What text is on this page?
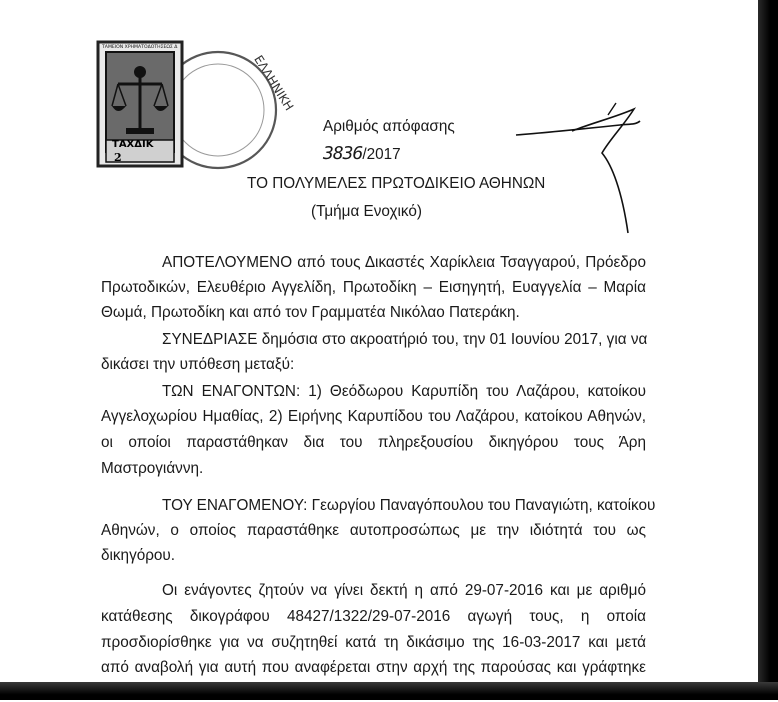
ΤΑΜΕΙΟΝ ΧΡΗΜΑΤΟΔΟΤΗΣΕΩΣ Δ
ΤΑΧΔΙΚ
2
ΕΛΛΗΝΙΚΗ
Αριθμός απόφασης
3836/2017
ΤΟ ΠΟΛΥΜΕΛΕΣ ΠΡΩΤΟΔΙΚΕΙΟ ΑΘΗΝΩΝ
(Τμήμα Ενοχικό)
ΑΠΟΤΕΛΟΥΜΕΝΟ από τους Δικαστές Χαρίκλεια Τσαγγαρού, Πρόεδρο
Πρωτοδικών, Ελευθέριο Αγγελίδη, Πρωτοδίκη – Εισηγητή, Ευαγγελία – Μαρία
Θωμά, Πρωτοδίκη και από τον Γραμματέα Νικόλαο Πατεράκη.
ΣΥΝΕΔΡΙΑΣΕ δημόσια στο ακροατήριό του, την 01 Ιουνίου 2017, για να
δικάσει την υπόθεση μεταξύ:
ΤΩΝ ΕΝΑΓΟΝΤΩΝ: 1) Θεόδωρου Καρυπίδη του Λαζάρου, κατοίκου
Αγγελοχωρίου Ημαθίας, 2) Ειρήνης Καρυπίδου του Λαζάρου, κατοίκου Αθηνών,
οι οποίοι παραστάθηκαν δια του πληρεξουσίου δικηγόρου τους Άρη
Μαστρογιάννη.
ΤΟΥ ΕΝΑΓΟΜΕΝΟΥ: Γεωργίου Παναγόπουλου του Παναγιώτη, κατοίκου
Αθηνών, ο οποίος παραστάθηκε αυτοπροσώπως με την ιδιότητά του ως
δικηγόρου.
Οι ενάγοντες ζητούν να γίνει δεκτή η από 29-07-2016 και με αριθμό
κατάθεσης δικογράφου 48427/1322/29-07-2016 αγωγή τους, η οποία
προσδιορίσθηκε για να συζητηθεί κατά τη δικάσιμο της 16-03-2017 και μετά
από αναβολή για αυτή που αναφέρεται στην αρχή της παρούσας και γράφτηκε
